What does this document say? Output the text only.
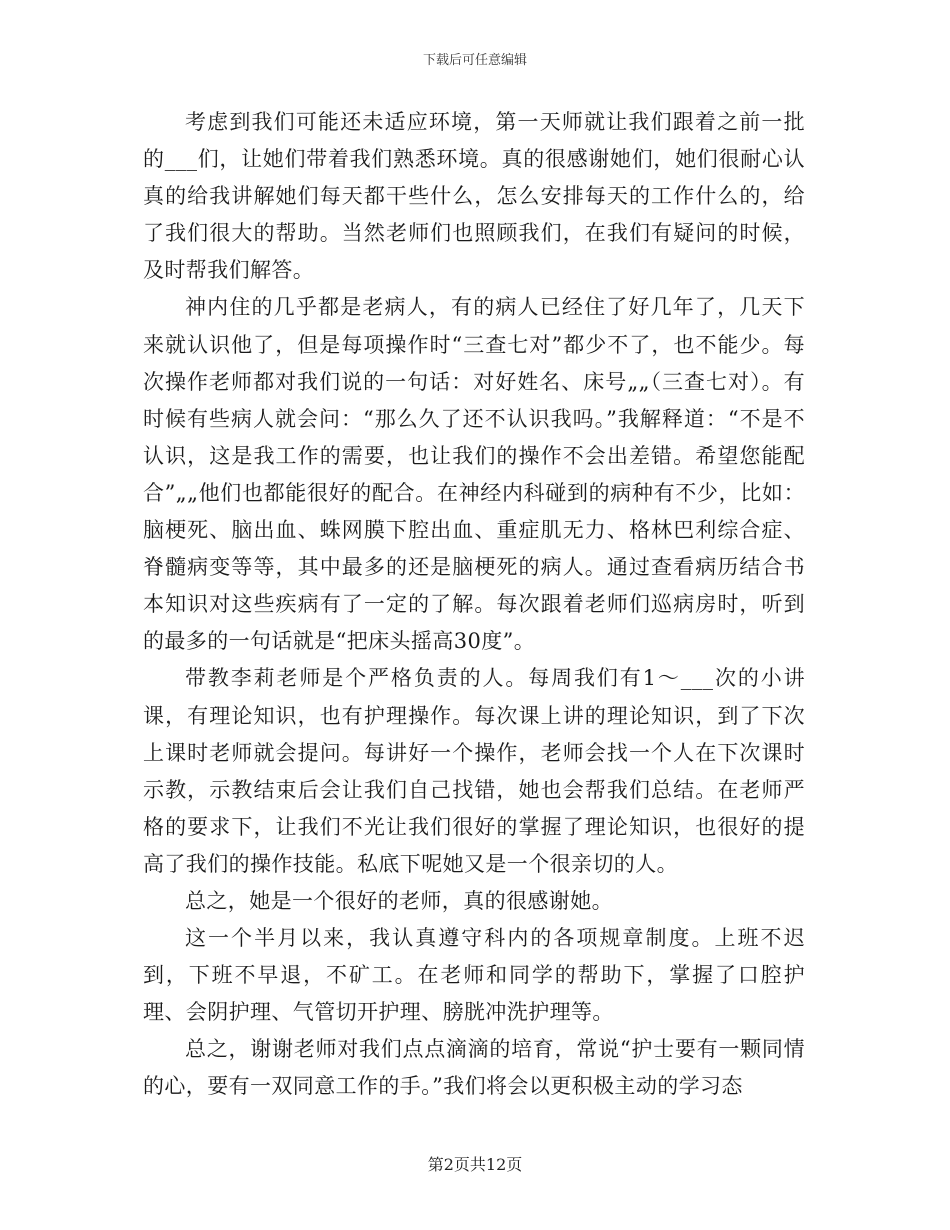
下载后可任意编辑

考虑到我们可能还未适应环境，第一天师就让我们跟着之前一批的___们，让她们带着我们熟悉环境。真的很感谢她们，她们很耐心认真的给我讲解她们每天都干些什么，怎么安排每天的工作什么的，给了我们很大的帮助。当然老师们也照顾我们，在我们有疑问的时候，及时帮我们解答。

神内住的几乎都是老病人，有的病人已经住了好几年了，几天下来就认识他了，但是每项操作时“三查七对”都少不了，也不能少。每次操作老师都对我们说的一句话：对好姓名、床号„„（三查七对）。有时候有些病人就会问：“那么久了还不认识我吗。”我解释道：“不是不认识，这是我工作的需要，也让我们的操作不会出差错。希望您能配合”„„他们也都能很好的配合。在神经内科碰到的病种有不少，比如：脑梗死、脑出血、蛛网膜下腔出血、重症肌无力、格林巴利综合症、脊髓病变等等，其中最多的还是脑梗死的病人。通过查看病历结合书本知识对这些疾病有了一定的了解。每次跟着老师们巡病房时，听到的最多的一句话就是“把床头摇高30度”。

带教李莉老师是个严格负责的人。每周我们有1～___次的小讲课，有理论知识，也有护理操作。每次课上讲的理论知识，到了下次上课时老师就会提问。每讲好一个操作，老师会找一个人在下次课时示教，示教结束后会让我们自己找错，她也会帮我们总结。在老师严格的要求下，让我们不光让我们很好的掌握了理论知识，也很好的提高了我们的操作技能。私底下呢她又是一个很亲切的人。

总之，她是一个很好的老师，真的很感谢她。

这一个半月以来，我认真遵守科内的各项规章制度。上班不迟到，下班不早退，不矿工。在老师和同学的帮助下，掌握了口腔护理、会阴护理、气管切开护理、膀胱冲洗护理等。

总之，谢谢老师对我们点点滴滴的培育，常说“护士要有一颗同情的心，要有一双同意工作的手。”我们将会以更积极主动的学习态

第2页共12页
